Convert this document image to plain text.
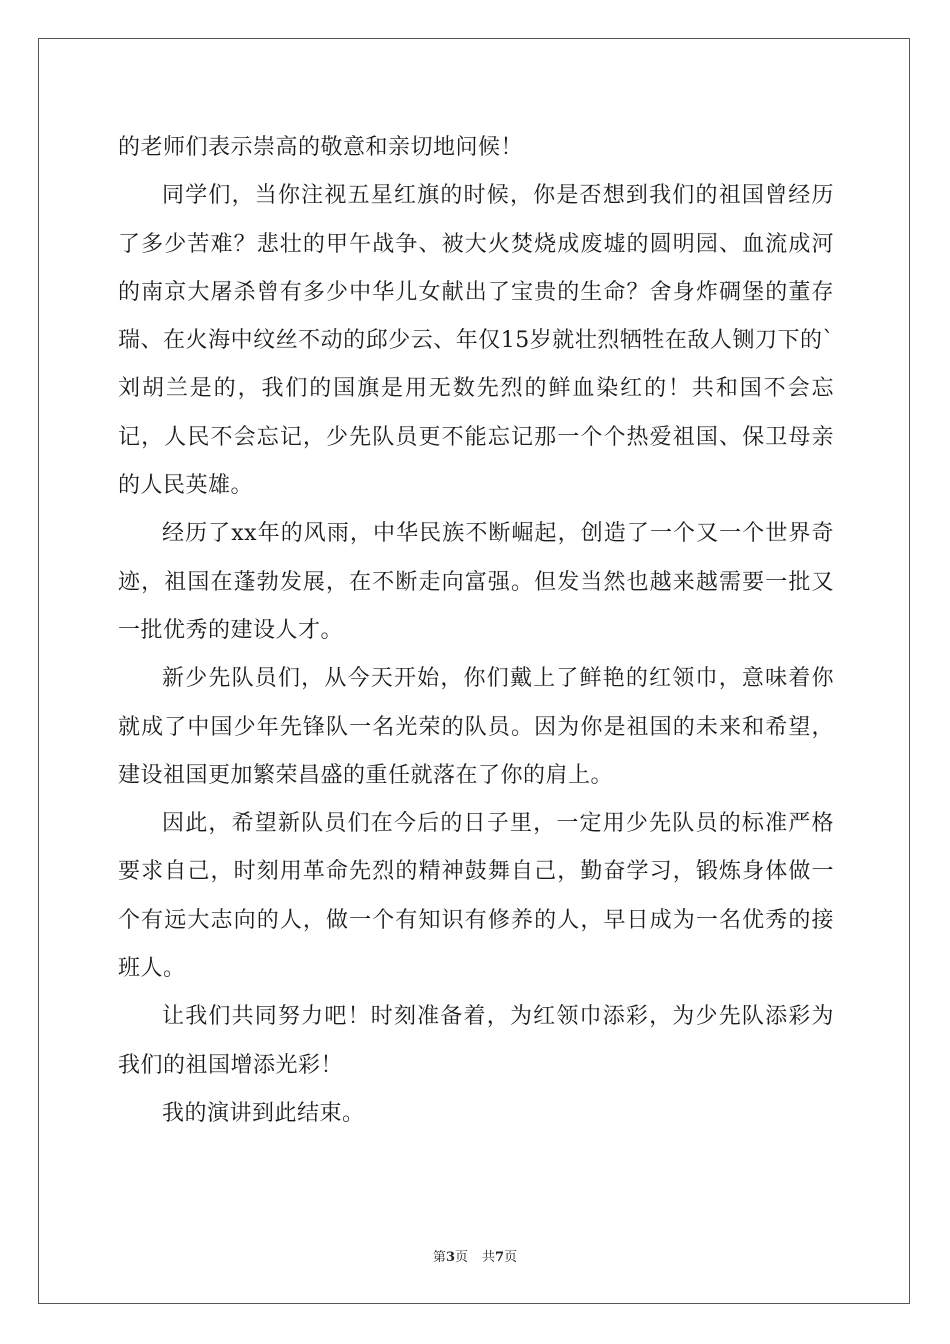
的老师们表示崇高的敬意和亲切地问候！

同学们，当你注视五星红旗的时候，你是否想到我们的祖国曾经历了多少苦难？悲壮的甲午战争、被大火焚烧成废墟的圆明园、血流成河的南京大屠杀曾有多少中华儿女献出了宝贵的生命？舍身炸碉堡的董存瑞、在火海中纹丝不动的邱少云、年仅15岁就壮烈牺牲在敌人铡刀下的`刘胡兰是的，我们的国旗是用无数先烈的鲜血染红的！共和国不会忘记，人民不会忘记，少先队员更不能忘记那一个个热爱祖国、保卫母亲的人民英雄。

经历了xx年的风雨，中华民族不断崛起，创造了一个又一个世界奇迹，祖国在蓬勃发展，在不断走向富强。但发当然也越来越需要一批又一批优秀的建设人才。

新少先队员们，从今天开始，你们戴上了鲜艳的红领巾，意味着你就成了中国少年先锋队一名光荣的队员。因为你是祖国的未来和希望，建设祖国更加繁荣昌盛的重任就落在了你的肩上。

因此，希望新队员们在今后的日子里，一定用少先队员的标准严格要求自己，时刻用革命先烈的精神鼓舞自己，勤奋学习，锻炼身体做一个有远大志向的人，做一个有知识有修养的人，早日成为一名优秀的接班人。

让我们共同努力吧！时刻准备着，为红领巾添彩，为少先队添彩为我们的祖国增添光彩！

我的演讲到此结束。

第3页 共7页
